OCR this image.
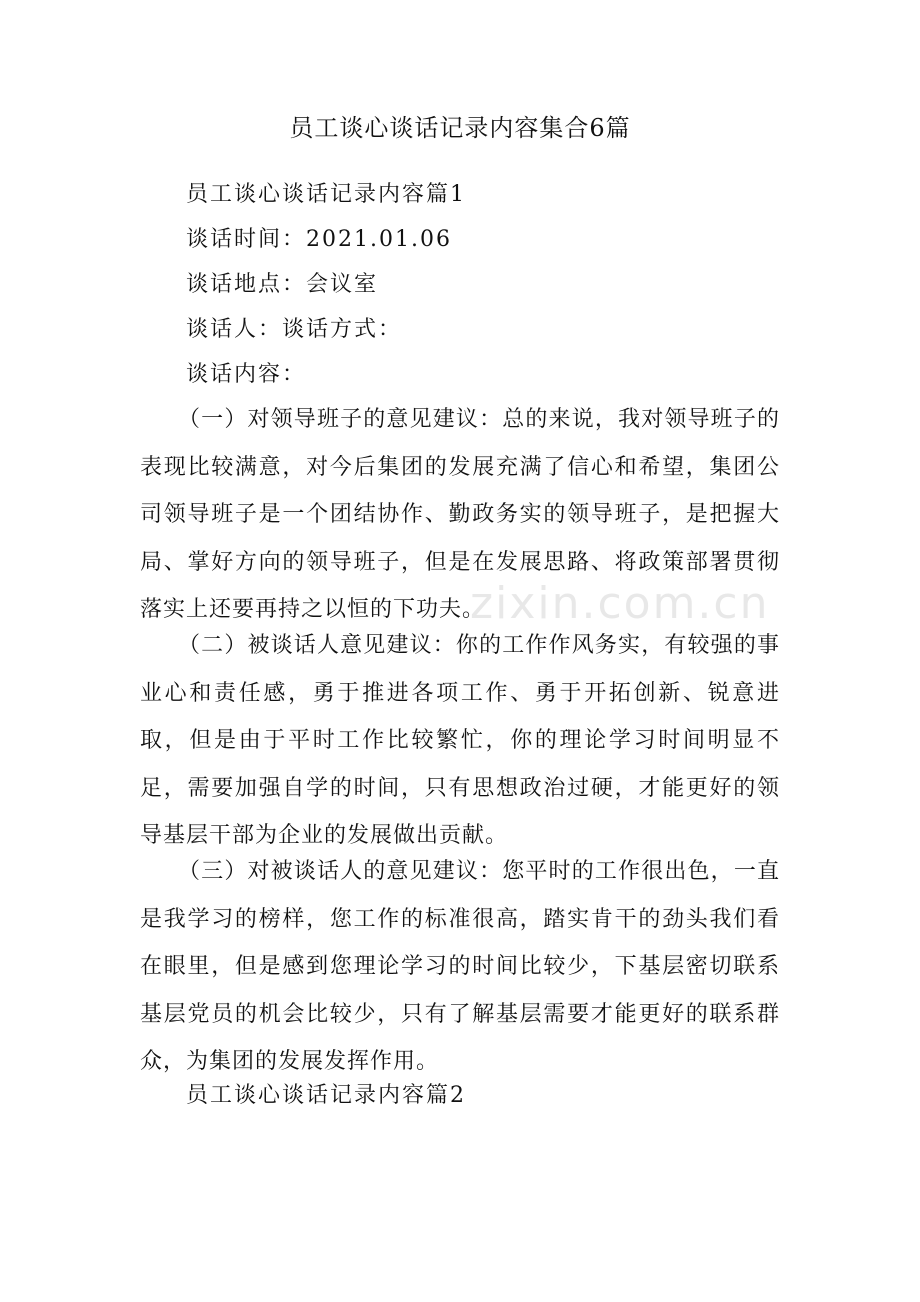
员工谈心谈话记录内容集合6篇
员工谈心谈话记录内容篇1
谈话时间：2021.01.06
谈话地点：会议室
谈话人：谈话方式：
谈话内容：
（一）对领导班子的意见建议：总的来说，我对领导班子的表现比较满意，对今后集团的发展充满了信心和希望，集团公司领导班子是一个团结协作、勤政务实的领导班子，是把握大局、掌好方向的领导班子，但是在发展思路、将政策部署贯彻落实上还要再持之以恒的下功夫。
（二）被谈话人意见建议：你的工作作风务实，有较强的事业心和责任感，勇于推进各项工作、勇于开拓创新、锐意进取，但是由于平时工作比较繁忙，你的理论学习时间明显不足，需要加强自学的时间，只有思想政治过硬，才能更好的领导基层干部为企业的发展做出贡献。
（三）对被谈话人的意见建议：您平时的工作很出色，一直是我学习的榜样，您工作的标准很高，踏实肯干的劲头我们看在眼里，但是感到您理论学习的时间比较少，下基层密切联系基层党员的机会比较少，只有了解基层需要才能更好的联系群众，为集团的发展发挥作用。
员工谈心谈话记录内容篇2
zixin.com.cn
